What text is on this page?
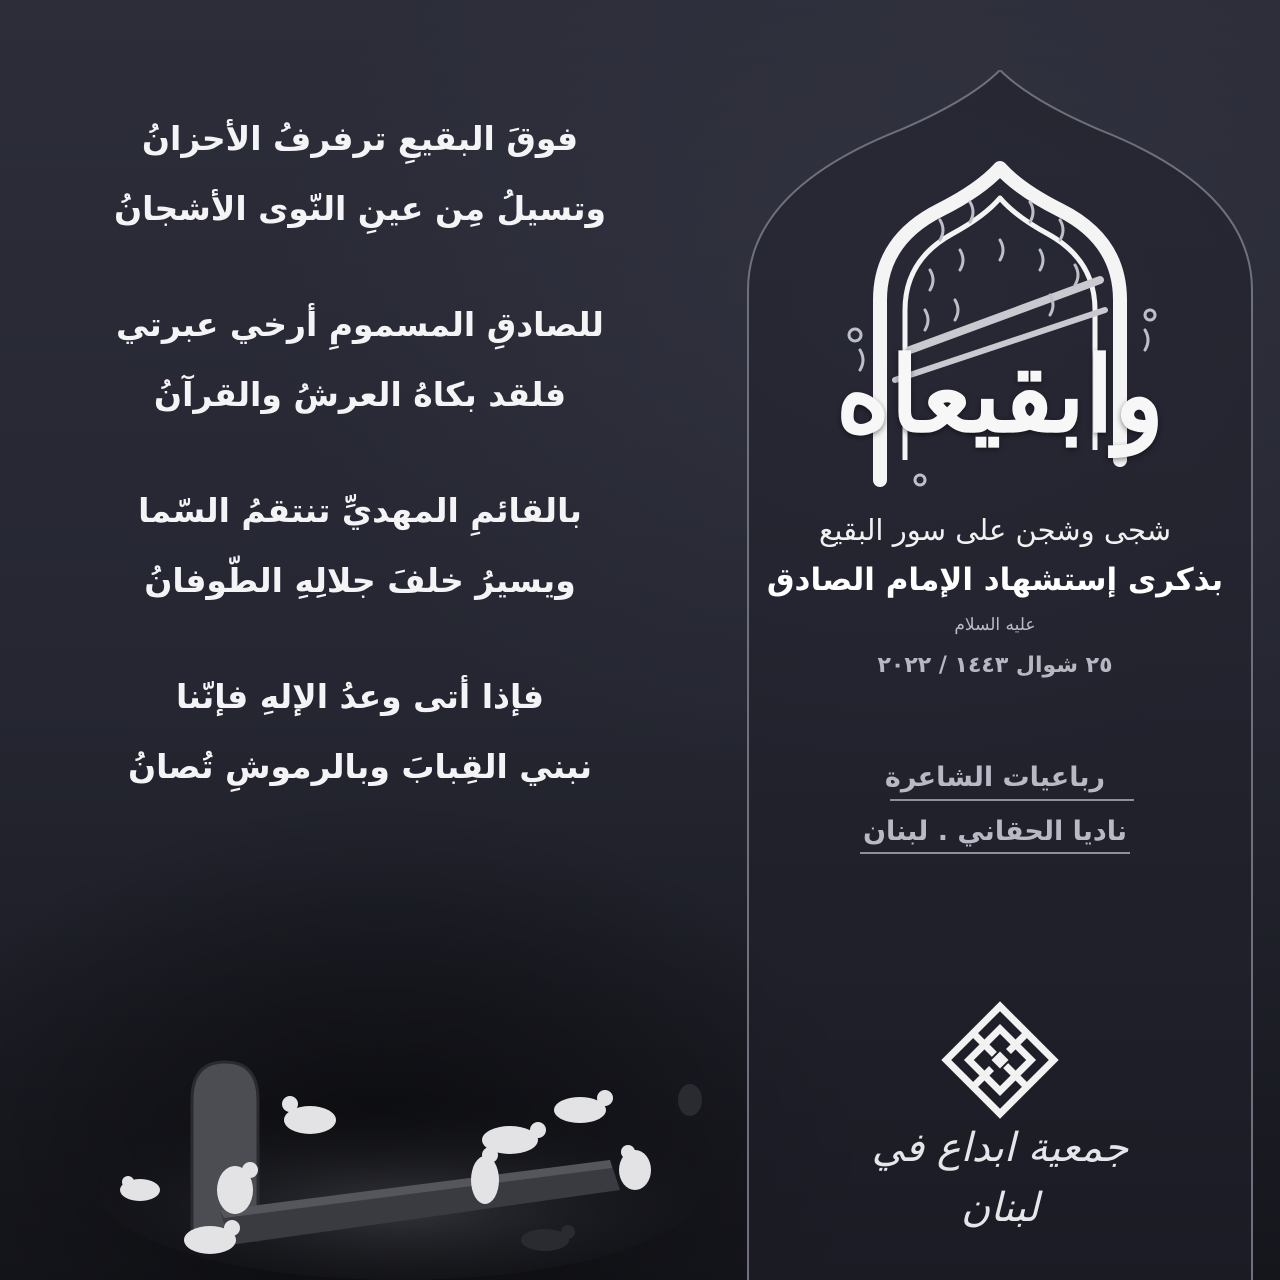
فوقَ البقيعِ ترفرفُ الأحزانُ
وتسيلُ مِن عينِ النّوى الأشجانُ
للصادقِ المسمومِ أرخي عبرتي
فلقد بكاهُ العرشُ والقرآنُ
بالقائمِ المهديِّ تنتقمُ السّما
ويسيرُ خلفَ جلالِهِ الطّوفانُ
فإذا أتى وعدُ الإلهِ فإنّنا
نبني القِبابَ وبالرموشِ تُصانُ
وابقيعاه
شجى وشجن على سور البقيع
بذكرى إستشهاد الإمام الصادق
عليه السلام
٢٥ شوال ١٤٤٣ / ٢٠٢٢
رباعيات الشاعرة
ناديا الحقاني . لبنان
جمعية ابداع في لبنان
